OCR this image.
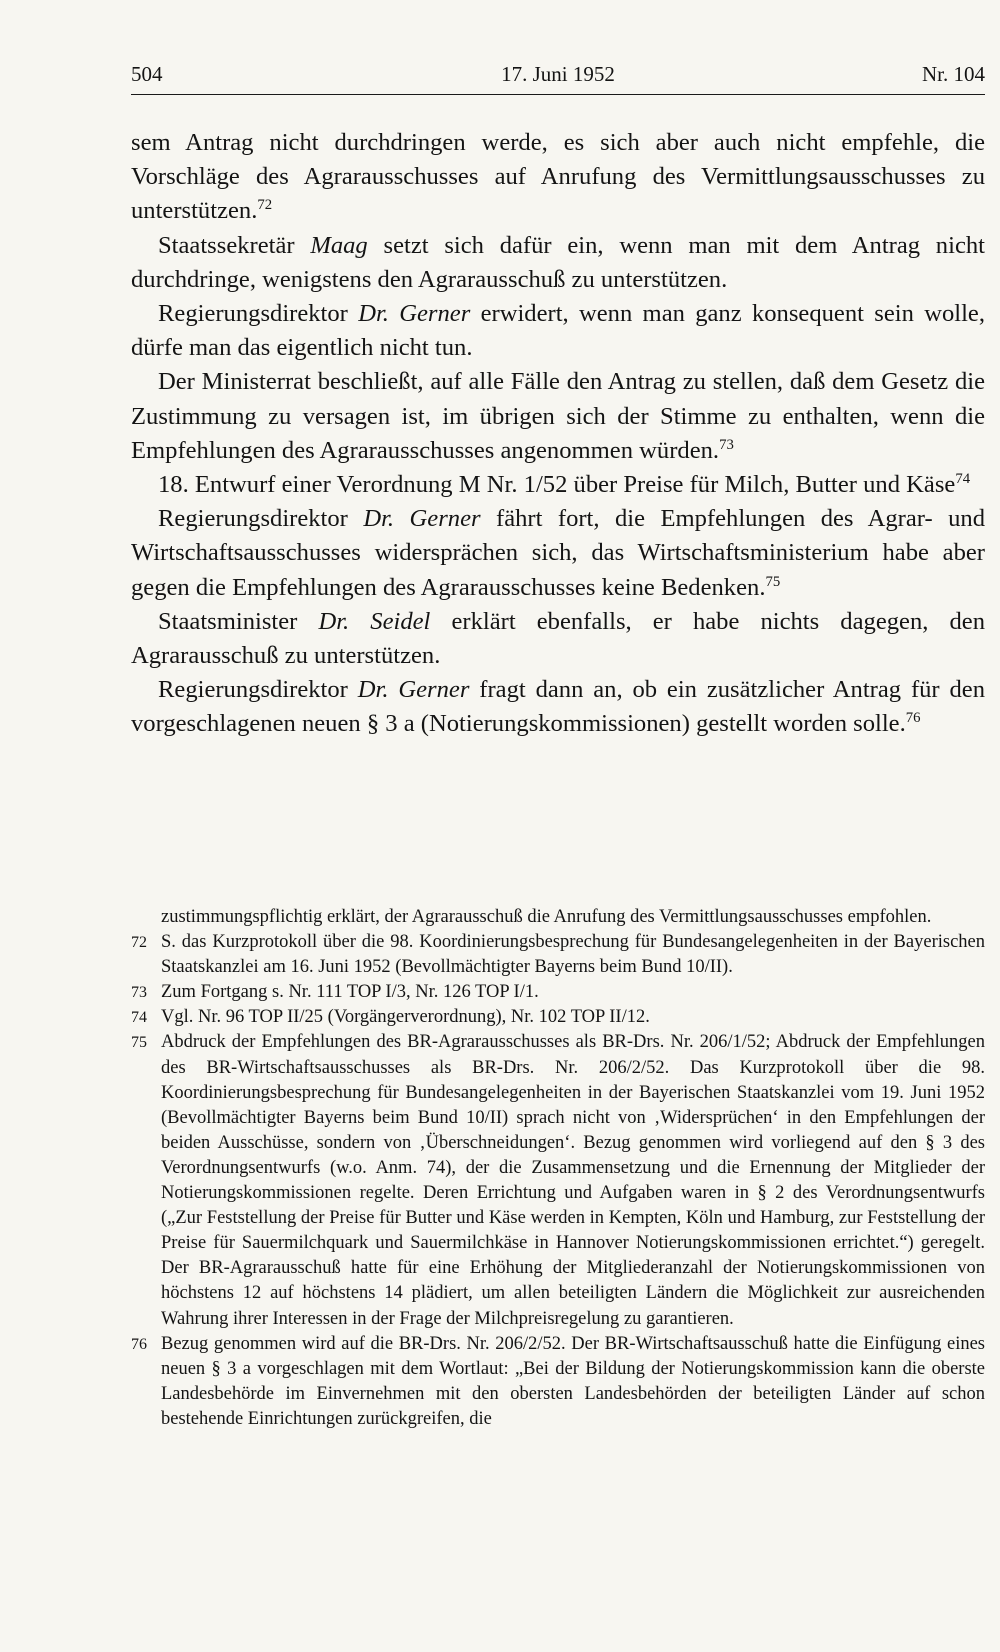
504	17. Juni 1952	Nr. 104

sem Antrag nicht durchdringen werde, es sich aber auch nicht empfehle, die Vorschläge des Agrarausschusses auf Anrufung des Vermittlungsausschusses zu unterstützen.$^{72}$

Staatssekretär Maag setzt sich dafür ein, wenn man mit dem Antrag nicht durchdringe, wenigstens den Agrarausschuß zu unterstützen.

Regierungsdirektor Dr. Gerner erwidert, wenn man ganz konsequent sein wolle, dürfe man das eigentlich nicht tun.

Der Ministerrat beschließt, auf alle Fälle den Antrag zu stellen, daß dem Gesetz die Zustimmung zu versagen ist, im übrigen sich der Stimme zu enthalten, wenn die Empfehlungen des Agrarausschusses angenommen würden.$^{73}$

18. Entwurf einer Verordnung M Nr. 1/52 über Preise für Milch, Butter und Käse$^{74}$

Regierungsdirektor Dr. Gerner fährt fort, die Empfehlungen des Agrar- und Wirtschaftsausschusses widersprächen sich, das Wirtschaftsministerium habe aber gegen die Empfehlungen des Agrarausschusses keine Bedenken.$^{75}$

Staatsminister Dr. Seidel erklärt ebenfalls, er habe nichts dagegen, den Agrarausschuß zu unterstützen.

Regierungsdirektor Dr. Gerner fragt dann an, ob ein zusätzlicher Antrag für den vorgeschlagenen neuen § 3 a (Notierungskommissionen) gestellt worden solle.$^{76}$

zustimmungspflichtig erklärt, der Agrarausschuß die Anrufung des Vermittlungsausschusses empfohlen.

72 S. das Kurzprotokoll über die 98. Koordinierungsbesprechung für Bundesangelegenheiten in der Bayerischen Staatskanzlei am 16. Juni 1952 (Bevollmächtigter Bayerns beim Bund 10/II).

73 Zum Fortgang s. Nr. 111 TOP I/3, Nr. 126 TOP I/1.

74 Vgl. Nr. 96 TOP II/25 (Vorgängerverordnung), Nr. 102 TOP II/12.

75 Abdruck der Empfehlungen des BR-Agrarausschusses als BR-Drs. Nr. 206/1/52; Abdruck der Empfehlungen des BR-Wirtschaftsausschusses als BR-Drs. Nr. 206/2/52. Das Kurzprotokoll über die 98. Koordinierungsbesprechung für Bundesangelegenheiten in der Bayerischen Staatskanzlei vom 19. Juni 1952 (Bevollmächtigter Bayerns beim Bund 10/II) sprach nicht von ‚Widersprüchen‘ in den Empfehlungen der beiden Ausschüsse, sondern von ‚Überschneidungen‘. Bezug genommen wird vorliegend auf den § 3 des Verordnungsentwurfs (w.o. Anm. 74), der die Zusammensetzung und die Ernennung der Mitglieder der Notierungskommissionen regelte. Deren Errichtung und Aufgaben waren in § 2 des Verordnungsentwurfs („Zur Feststellung der Preise für Butter und Käse werden in Kempten, Köln und Hamburg, zur Feststellung der Preise für Sauermilchquark und Sauermilchkäse in Hannover Notierungskommissionen errichtet.“) geregelt. Der BR-Agrarausschuß hatte für eine Erhöhung der Mitgliederanzahl der Notierungskommissionen von höchstens 12 auf höchstens 14 plädiert, um allen beteiligten Ländern die Möglichkeit zur ausreichenden Wahrung ihrer Interessen in der Frage der Milchpreisregelung zu garantieren.

76 Bezug genommen wird auf die BR-Drs. Nr. 206/2/52. Der BR-Wirtschaftsausschuß hatte die Einfügung eines neuen § 3 a vorgeschlagen mit dem Wortlaut: „Bei der Bildung der Notierungskommission kann die oberste Landesbehörde im Einvernehmen mit den obersten Landesbehörden der beteiligten Länder auf schon bestehende Einrichtungen zurückgreifen, die
